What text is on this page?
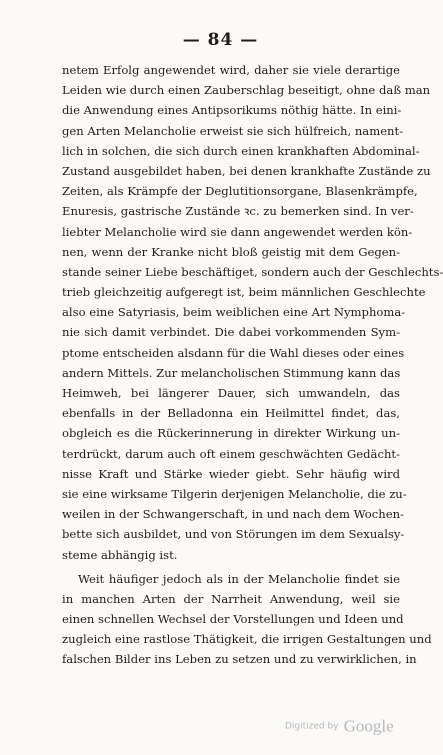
— 84 —
netem Erfolg angewendet wird, daher sie viele derartige
Leiden wie durch einen Zauberschlag beseitigt, ohne daß man
die Anwendung eines Antipsorikums nöthig hätte. In eini-
gen Arten Melancholie erweist sie sich hülfreich, nament-
lich in solchen, die sich durch einen krankhaften Abdominal-
Zustand ausgebildet haben, bei denen krankhafte Zustände zu
Zeiten, als Krämpfe der Deglutitionsorgane, Blasenkrämpfe,
Enuresis, gastrische Zustände ꝛc. zu bemerken sind. In ver-
liebter Melancholie wird sie dann angewendet werden kön-
nen, wenn der Kranke nicht bloß geistig mit dem Gegen-
stande seiner Liebe beschäftiget, sondern auch der Geschlechts-
trieb gleichzeitig aufgeregt ist, beim männlichen Geschlechte
also eine Satyriasis, beim weiblichen eine Art Nymphoma-
nie sich damit verbindet. Die dabei vorkommenden Sym-
ptome entscheiden alsdann für die Wahl dieses oder eines
andern Mittels. Zur melancholischen Stimmung kann das
Heimweh, bei längerer Dauer, sich umwandeln, das
ebenfalls in der Belladonna ein Heilmittel findet, das,
obgleich es die Rückerinnerung in direkter Wirkung un-
terdrückt, darum auch oft einem geschwächten Gedächt-
nisse Kraft und Stärke wieder giebt. Sehr häufig wird
sie eine wirksame Tilgerin derjenigen Melancholie, die zu-
weilen in der Schwangerschaft, in und nach dem Wochen-
bette sich ausbildet, und von Störungen im dem Sexualsy-
steme abhängig ist.
Weit häufiger jedoch als in der Melancholie findet sie
in manchen Arten der Narrheit Anwendung, weil sie
einen schnellen Wechsel der Vorstellungen und Ideen und
zugleich eine rastlose Thätigkeit, die irrigen Gestaltungen und
falschen Bilder ins Leben zu setzen und zu verwirklichen, in
Digitized by Google
